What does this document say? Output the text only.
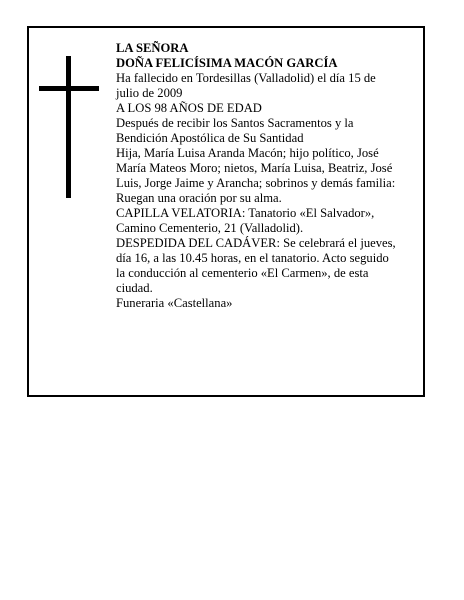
LA SEÑORA
DOÑA FELICÍSIMA MACÓN GARCÍA
Ha fallecido en Tordesillas (Valladolid) el día 15 de
julio de 2009
A LOS 98 AÑOS DE EDAD
Después de recibir los Santos Sacramentos y la
Bendición Apostólica de Su Santidad
Hija, María Luisa Aranda Macón; hijo político, José
María Mateos Moro; nietos, María Luisa, Beatriz, José
Luis, Jorge Jaime y Arancha; sobrinos y demás familia:
Ruegan una oración por su alma.
CAPILLA VELATORIA: Tanatorio «El Salvador»,
Camino Cementerio, 21 (Valladolid).
DESPEDIDA DEL CADÁVER: Se celebrará el jueves,
día 16, a las 10.45 horas, en el tanatorio. Acto seguido
la conducción al cementerio «El Carmen», de esta
ciudad.
Funeraria «Castellana»
